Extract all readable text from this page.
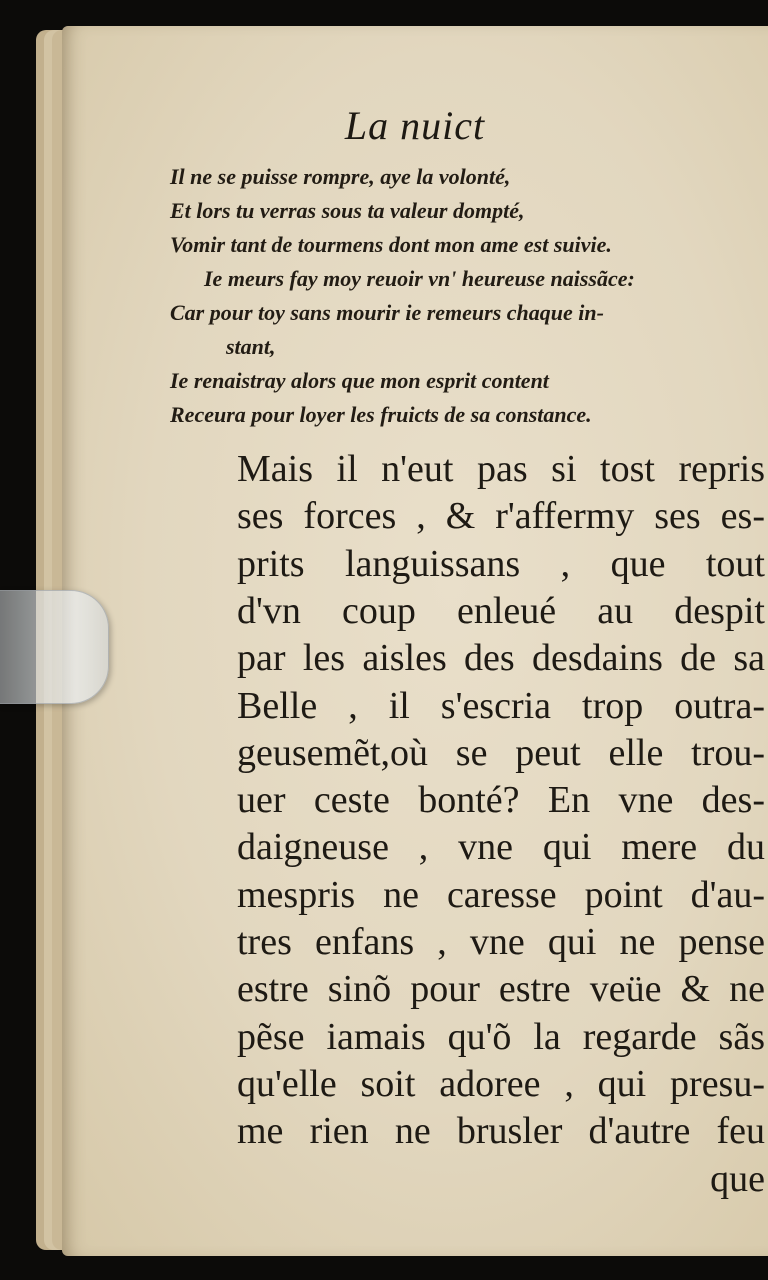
La nuict
Il ne se puisse rompre, aye la volonté,
Et lors tu verras sous ta valeur dompté,
Vomir tant de tourmens dont mon ame est suivie.
Ie meurs fay moy reuoir vn' heureuse naissãce:
Car pour toy sans mourir ie remeurs chaque in-
stant,
Ie renaistray alors que mon esprit content
Receura pour loyer les fruicts de sa constance.
Mais il n'eut pas si tost repris
ses forces , & r'affermy ses es-
prits languissans , que tout
d'vn coup enleué au despit
par les aisles des desdains de sa
Belle , il s'escria trop outra-
geusemẽt,où se peut elle trou-
uer ceste bonté? En vne des-
daigneuse , vne qui mere du
mespris ne caresse point d'au-
tres enfans , vne qui ne pense
estre sinõ pour estre veüe & ne
pẽse iamais qu'õ la regarde sãs
qu'elle soit adoree , qui presu-
me rien ne brusler d'autre feu
que
